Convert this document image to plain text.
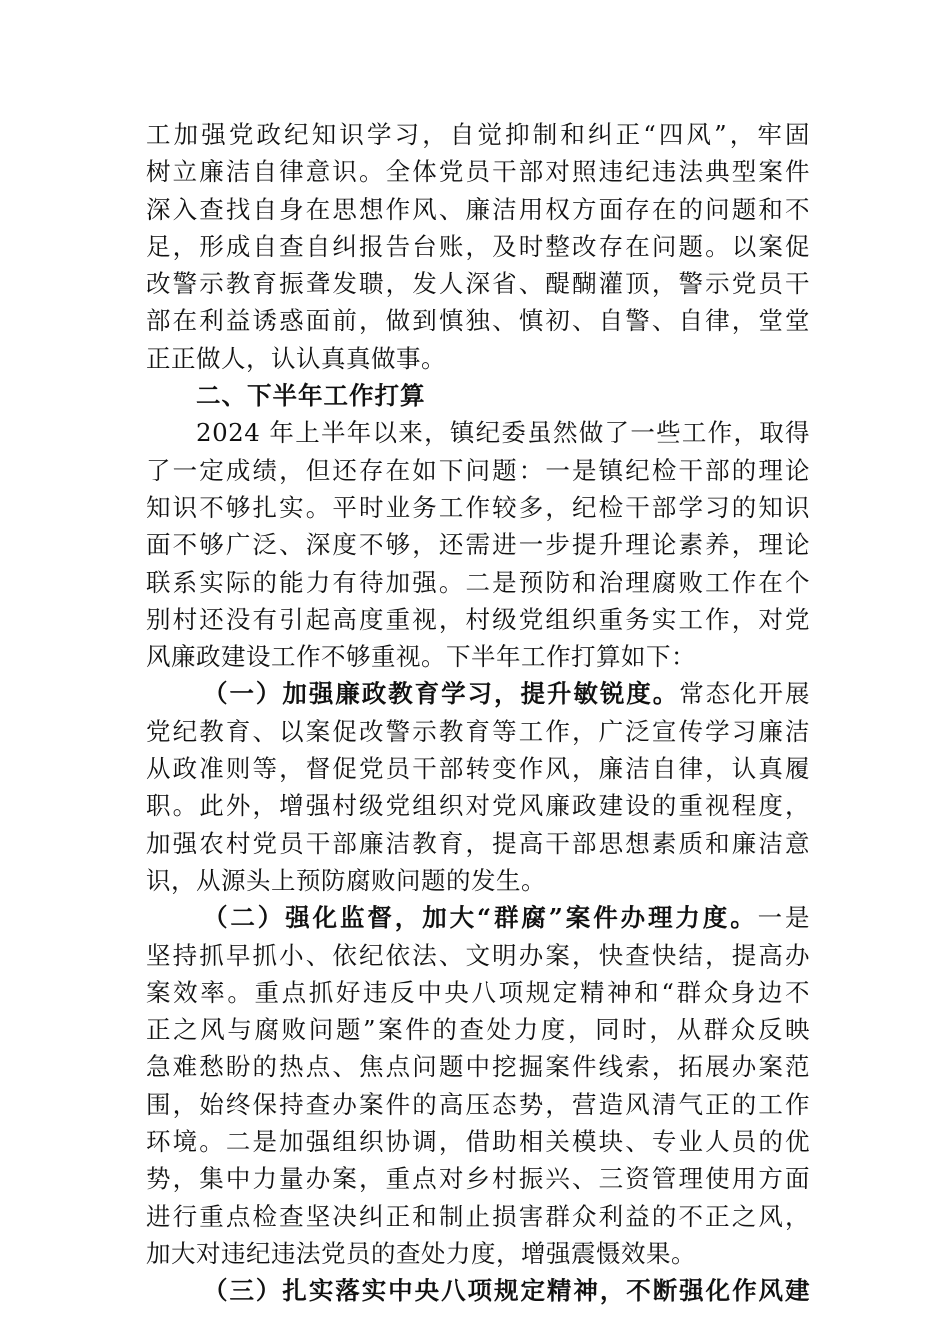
工加强党政纪知识学习，自觉抑制和纠正“四风”，牢固
树立廉洁自律意识。全体党员干部对照违纪违法典型案件
深入查找自身在思想作风、廉洁用权方面存在的问题和不
足，形成自查自纠报告台账，及时整改存在问题。以案促
改警示教育振聋发聩，发人深省、醍醐灌顶，警示党员干
部在利益诱惑面前，做到慎独、慎初、自警、自律，堂堂
正正做人，认认真真做事。
二、下半年工作打算
2024 年上半年以来，镇纪委虽然做了一些工作，取得
了一定成绩，但还存在如下问题：一是镇纪检干部的理论
知识不够扎实。平时业务工作较多，纪检干部学习的知识
面不够广泛、深度不够，还需进一步提升理论素养，理论
联系实际的能力有待加强。二是预防和治理腐败工作在个
别村还没有引起高度重视，村级党组织重务实工作，对党
风廉政建设工作不够重视。下半年工作打算如下：
（一）加强廉政教育学习，提升敏锐度。常态化开展
党纪教育、以案促改警示教育等工作，广泛宣传学习廉洁
从政准则等，督促党员干部转变作风，廉洁自律，认真履
职。此外，增强村级党组织对党风廉政建设的重视程度，
加强农村党员干部廉洁教育，提高干部思想素质和廉洁意
识，从源头上预防腐败问题的发生。
（二）强化监督，加大“群腐”案件办理力度。一是
坚持抓早抓小、依纪依法、文明办案，快查快结，提高办
案效率。重点抓好违反中央八项规定精神和“群众身边不
正之风与腐败问题”案件的查处力度，同时，从群众反映
急难愁盼的热点、焦点问题中挖掘案件线索，拓展办案范
围，始终保持查办案件的高压态势，营造风清气正的工作
环境。二是加强组织协调，借助相关模块、专业人员的优
势，集中力量办案，重点对乡村振兴、三资管理使用方面
进行重点检查坚决纠正和制止损害群众利益的不正之风，
加大对违纪违法党员的查处力度，增强震慑效果。
（三）扎实落实中央八项规定精神，不断强化作风建
